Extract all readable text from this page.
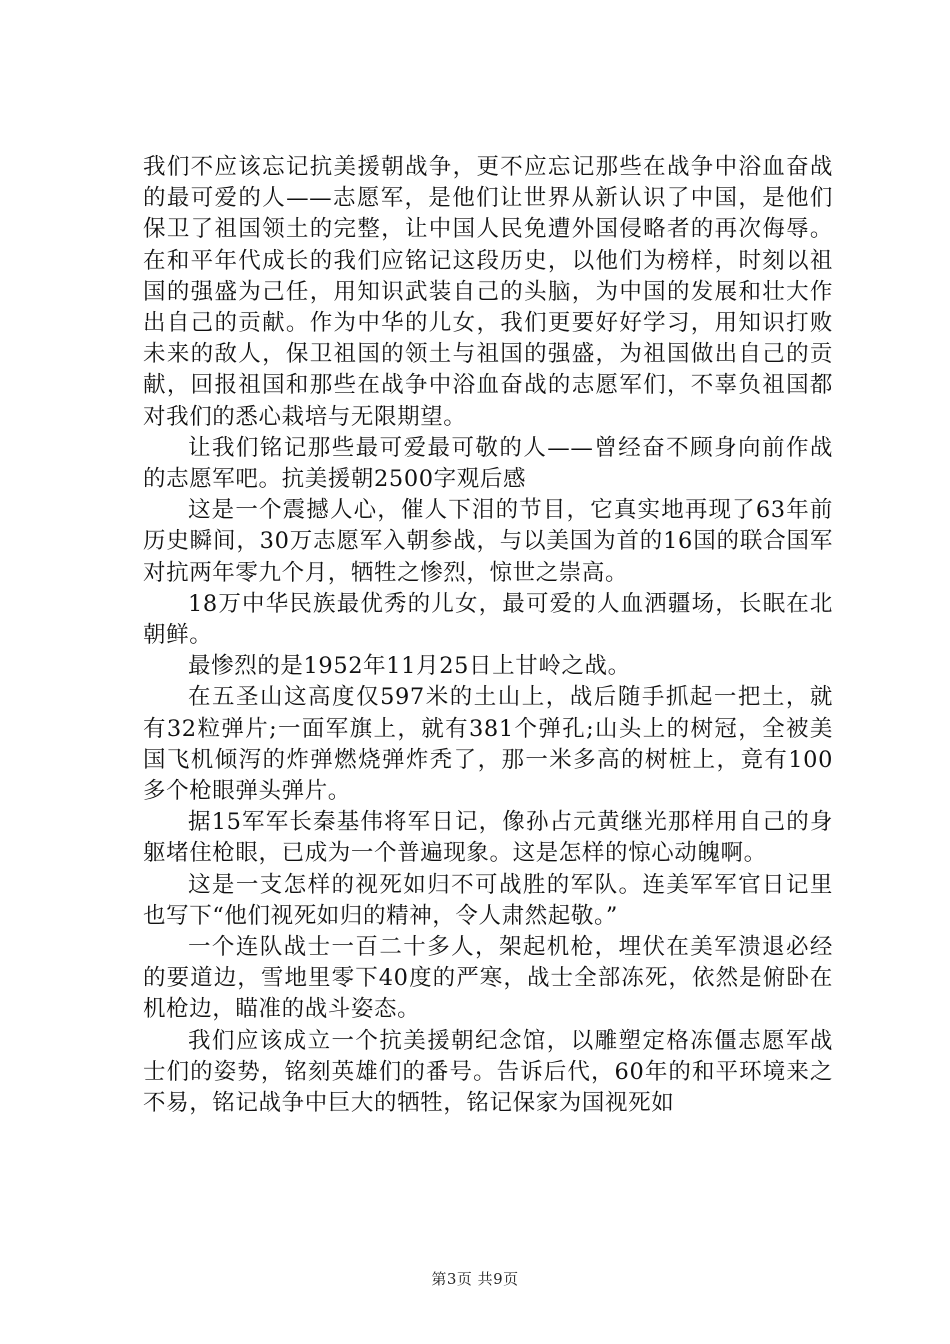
我们不应该忘记抗美援朝战争，更不应忘记那些在战争中浴血奋战的最可爱的人——志愿军，是他们让世界从新认识了中国，是他们保卫了祖国领土的完整，让中国人民免遭外国侵略者的再次侮辱。在和平年代成长的我们应铭记这段历史，以他们为榜样，时刻以祖国的强盛为己任，用知识武装自己的头脑，为中国的发展和壮大作出自己的贡献。作为中华的儿女，我们更要好好学习，用知识打败未来的敌人，保卫祖国的领土与祖国的强盛，为祖国做出自己的贡献，回报祖国和那些在战争中浴血奋战的志愿军们，不辜负祖国都对我们的悉心栽培与无限期望。

让我们铭记那些最可爱最可敬的人——曾经奋不顾身向前作战的志愿军吧。抗美援朝2500字观后感

这是一个震撼人心，催人下泪的节目，它真实地再现了63年前历史瞬间，30万志愿军入朝参战，与以美国为首的16国的联合国军对抗两年零九个月，牺牲之惨烈，惊世之崇高。

18万中华民族最优秀的儿女，最可爱的人血洒疆场，长眠在北朝鲜。

最惨烈的是1952年11月25日上甘岭之战。

在五圣山这高度仅597米的土山上，战后随手抓起一把土，就有32粒弹片;一面军旗上，就有381个弹孔;山头上的树冠，全被美国飞机倾泻的炸弹燃烧弹炸秃了，那一米多高的树桩上，竟有100多个枪眼弹头弹片。

据15军军长秦基伟将军日记，像孙占元黄继光那样用自己的身躯堵住枪眼，已成为一个普遍现象。这是怎样的惊心动魄啊。

这是一支怎样的视死如归不可战胜的军队。连美军军官日记里也写下“他们视死如归的精神，令人肃然起敬。”

一个连队战士一百二十多人，架起机枪，埋伏在美军溃退必经的要道边，雪地里零下40度的严寒，战士全部冻死，依然是俯卧在机枪边，瞄准的战斗姿态。

我们应该成立一个抗美援朝纪念馆，以雕塑定格冻僵志愿军战士们的姿势，铭刻英雄们的番号。告诉后代，60年的和平环境来之不易，铭记战争中巨大的牺牲，铭记保家为国视死如

第3页 共9页
